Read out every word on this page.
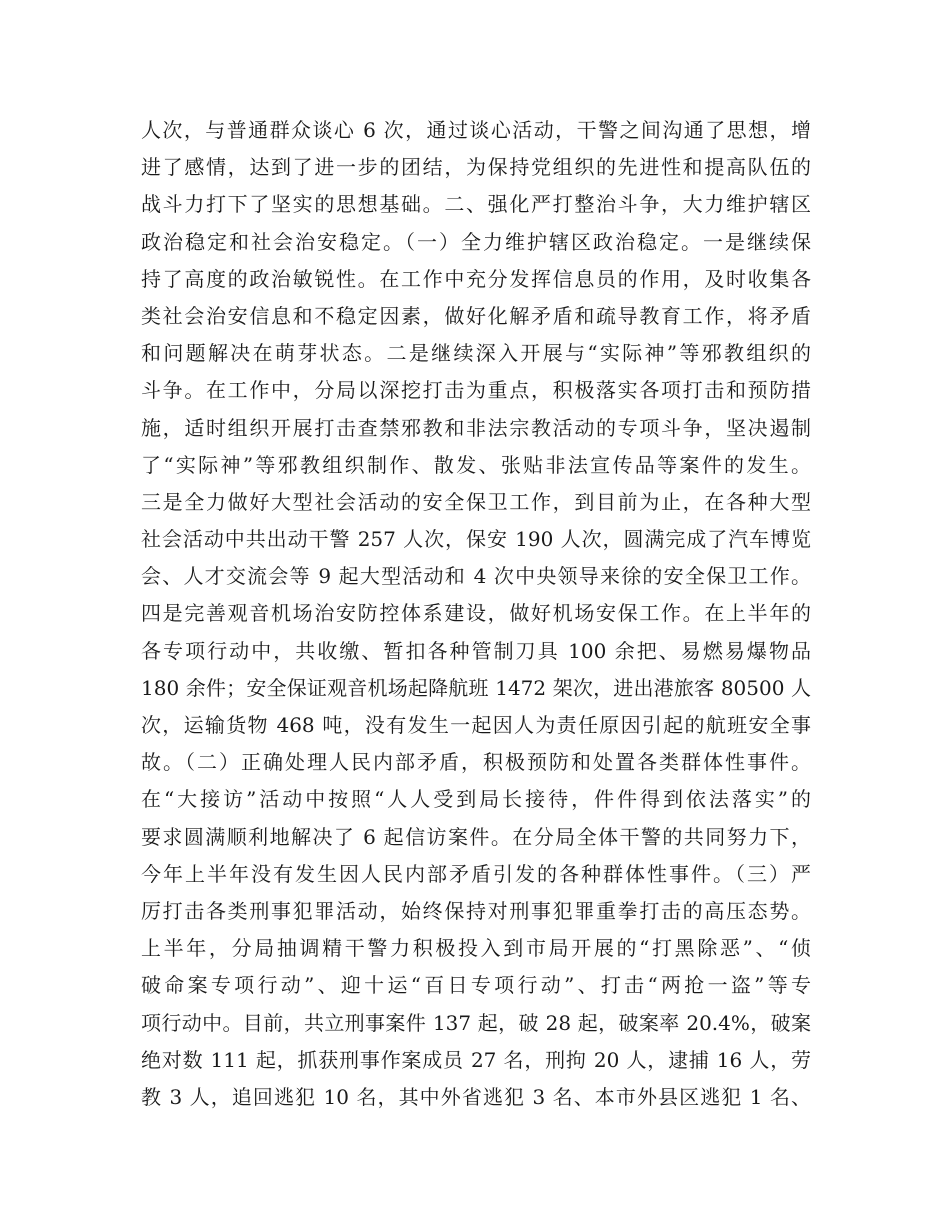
人次，与普通群众谈心 6 次，通过谈心活动，干警之间沟通了思想，增
进了感情，达到了进一步的团结，为保持党组织的先进性和提高队伍的
战斗力打下了坚实的思想基础。二、强化严打整治斗争，大力维护辖区
政治稳定和社会治安稳定。（一）全力维护辖区政治稳定。一是继续保
持了高度的政治敏锐性。在工作中充分发挥信息员的作用，及时收集各
类社会治安信息和不稳定因素，做好化解矛盾和疏导教育工作，将矛盾
和问题解决在萌芽状态。二是继续深入开展与“实际神”等邪教组织的
斗争。在工作中，分局以深挖打击为重点，积极落实各项打击和预防措
施，适时组织开展打击查禁邪教和非法宗教活动的专项斗争，坚决遏制
了“实际神”等邪教组织制作、散发、张贴非法宣传品等案件的发生。
三是全力做好大型社会活动的安全保卫工作，到目前为止，在各种大型
社会活动中共出动干警 257 人次，保安 190 人次，圆满完成了汽车博览
会、人才交流会等 9 起大型活动和 4 次中央领导来徐的安全保卫工作。
四是完善观音机场治安防控体系建设，做好机场安保工作。在上半年的
各专项行动中，共收缴、暂扣各种管制刀具 100 余把、易燃易爆物品
180 余件；安全保证观音机场起降航班 1472 架次，进出港旅客 80500 人
次，运输货物 468 吨，没有发生一起因人为责任原因引起的航班安全事
故。（二）正确处理人民内部矛盾，积极预防和处置各类群体性事件。
在“大接访”活动中按照“人人受到局长接待，件件得到依法落实”的
要求圆满顺利地解决了 6 起信访案件。在分局全体干警的共同努力下，
今年上半年没有发生因人民内部矛盾引发的各种群体性事件。（三）严
厉打击各类刑事犯罪活动，始终保持对刑事犯罪重拳打击的高压态势。
上半年，分局抽调精干警力积极投入到市局开展的“打黑除恶”、“侦
破命案专项行动”、迎十运“百日专项行动”、打击“两抢一盗”等专
项行动中。目前，共立刑事案件 137 起，破 28 起，破案率 20.4%，破案
绝对数 111 起，抓获刑事作案成员 27 名，刑拘 20 人，逮捕 16 人，劳
教 3 人，追回逃犯 10 名，其中外省逃犯 3 名、本市外县区逃犯 1 名、
